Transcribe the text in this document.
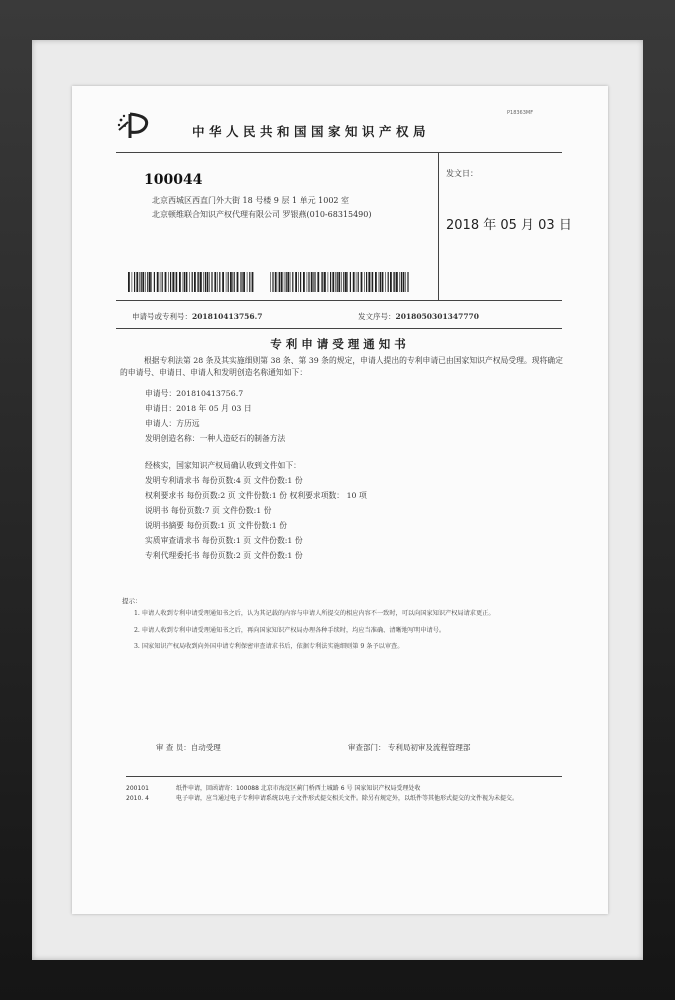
P18363MF
中华人民共和国国家知识产权局
100044
北京西城区西直门外大街 18 号楼 9 层 1 单元 1002 室
北京顿维联合知识产权代理有限公司 罗银燕(010-68315490)
发文日：
2018 年 05 月 03 日
申请号或专利号：201810413756.7	发文序号：2018050301347770
专利申请受理通知书
根据专利法第 28 条及其实施细则第 38 条、第 39 条的规定，申请人提出的专利申请已由国家知识产权局受理。现将确定的申请号、申请日、申请人和发明创造名称通知如下：
申请号：201810413756.7
申请日：2018 年 05 月 03 日
申请人：方历远
发明创造名称：一种人造砭石的制备方法
经核实，国家知识产权局确认收到文件如下：
发明专利请求书 每份页数:4 页 文件份数:1 份
权利要求书 每份页数:2 页 文件份数:1 份 权利要求项数： 10 项
说明书 每份页数:7 页 文件份数:1 份
说明书摘要 每份页数:1 页 文件份数:1 份
实质审查请求书 每份页数:1 页 文件份数:1 份
专利代理委托书 每份页数:2 页 文件份数:1 份
提示：
1. 申请人收到专利申请受理通知书之后，认为其记载的内容与申请人所提交的相应内容不一致时，可以向国家知识产权局请求更正。
2. 申请人收到专利申请受理通知书之后，再向国家知识产权局办理各种手续时，均应当准确、清晰地写明申请号。
3. 国家知识产权局收到向外国申请专利保密审查请求书后，依据专利法实施细则第 9 条予以审查。
审 查 员：自动受理	审查部门： 专利局初审及流程管理部
200101
2010. 4
纸件申请，回函请寄：100088 北京市海淀区蓟门桥西土城路 6 号 国家知识产权局受理处收
电子申请，应当通过电子专利申请系统以电子文件形式提交相关文件。除另有规定外，以纸件等其他形式提交的文件视为未提交。
